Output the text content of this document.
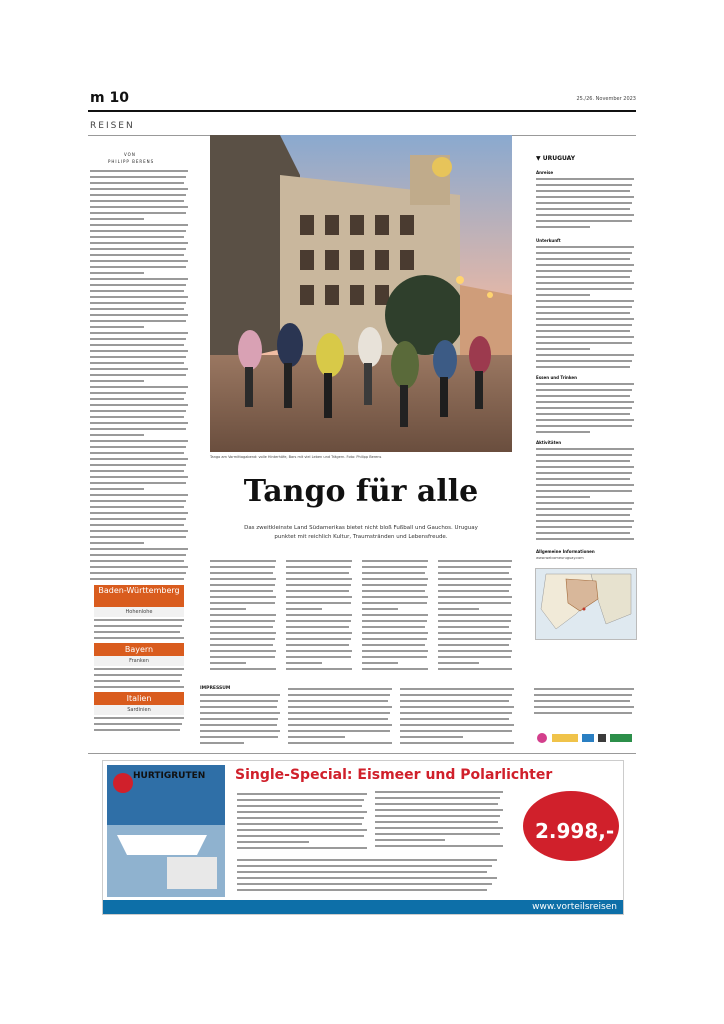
m 10	25./26. November 2023
REISEN
VON
PHILIPP BERENS
Tango am Vormittagabend: volle Hinterhöfe, Bars mit viel Leben und Trägern. Foto: Philipp Berens
Tango für alle
Das zweitkleinste Land Südamerikas bietet nicht bloß Fußball und Gauchos. Uruguay punktet mit reichlich Kultur, Traumstränden und Lebensfreude.
▼ URUGUAY
Anreise
Unterkunft
Essen und Trinken
Aktivitäten
Allgemeine Informationen
www.welcomeuruguay.com
Baden-Württemberg
Hohenlohe
Bayern
Franken
Italien
Sardinien
IMPRESSUM
HURTIGRUTEN Single-Special: Eismeer und Polarlichter
2.998,-
www.vorteilsreisen
